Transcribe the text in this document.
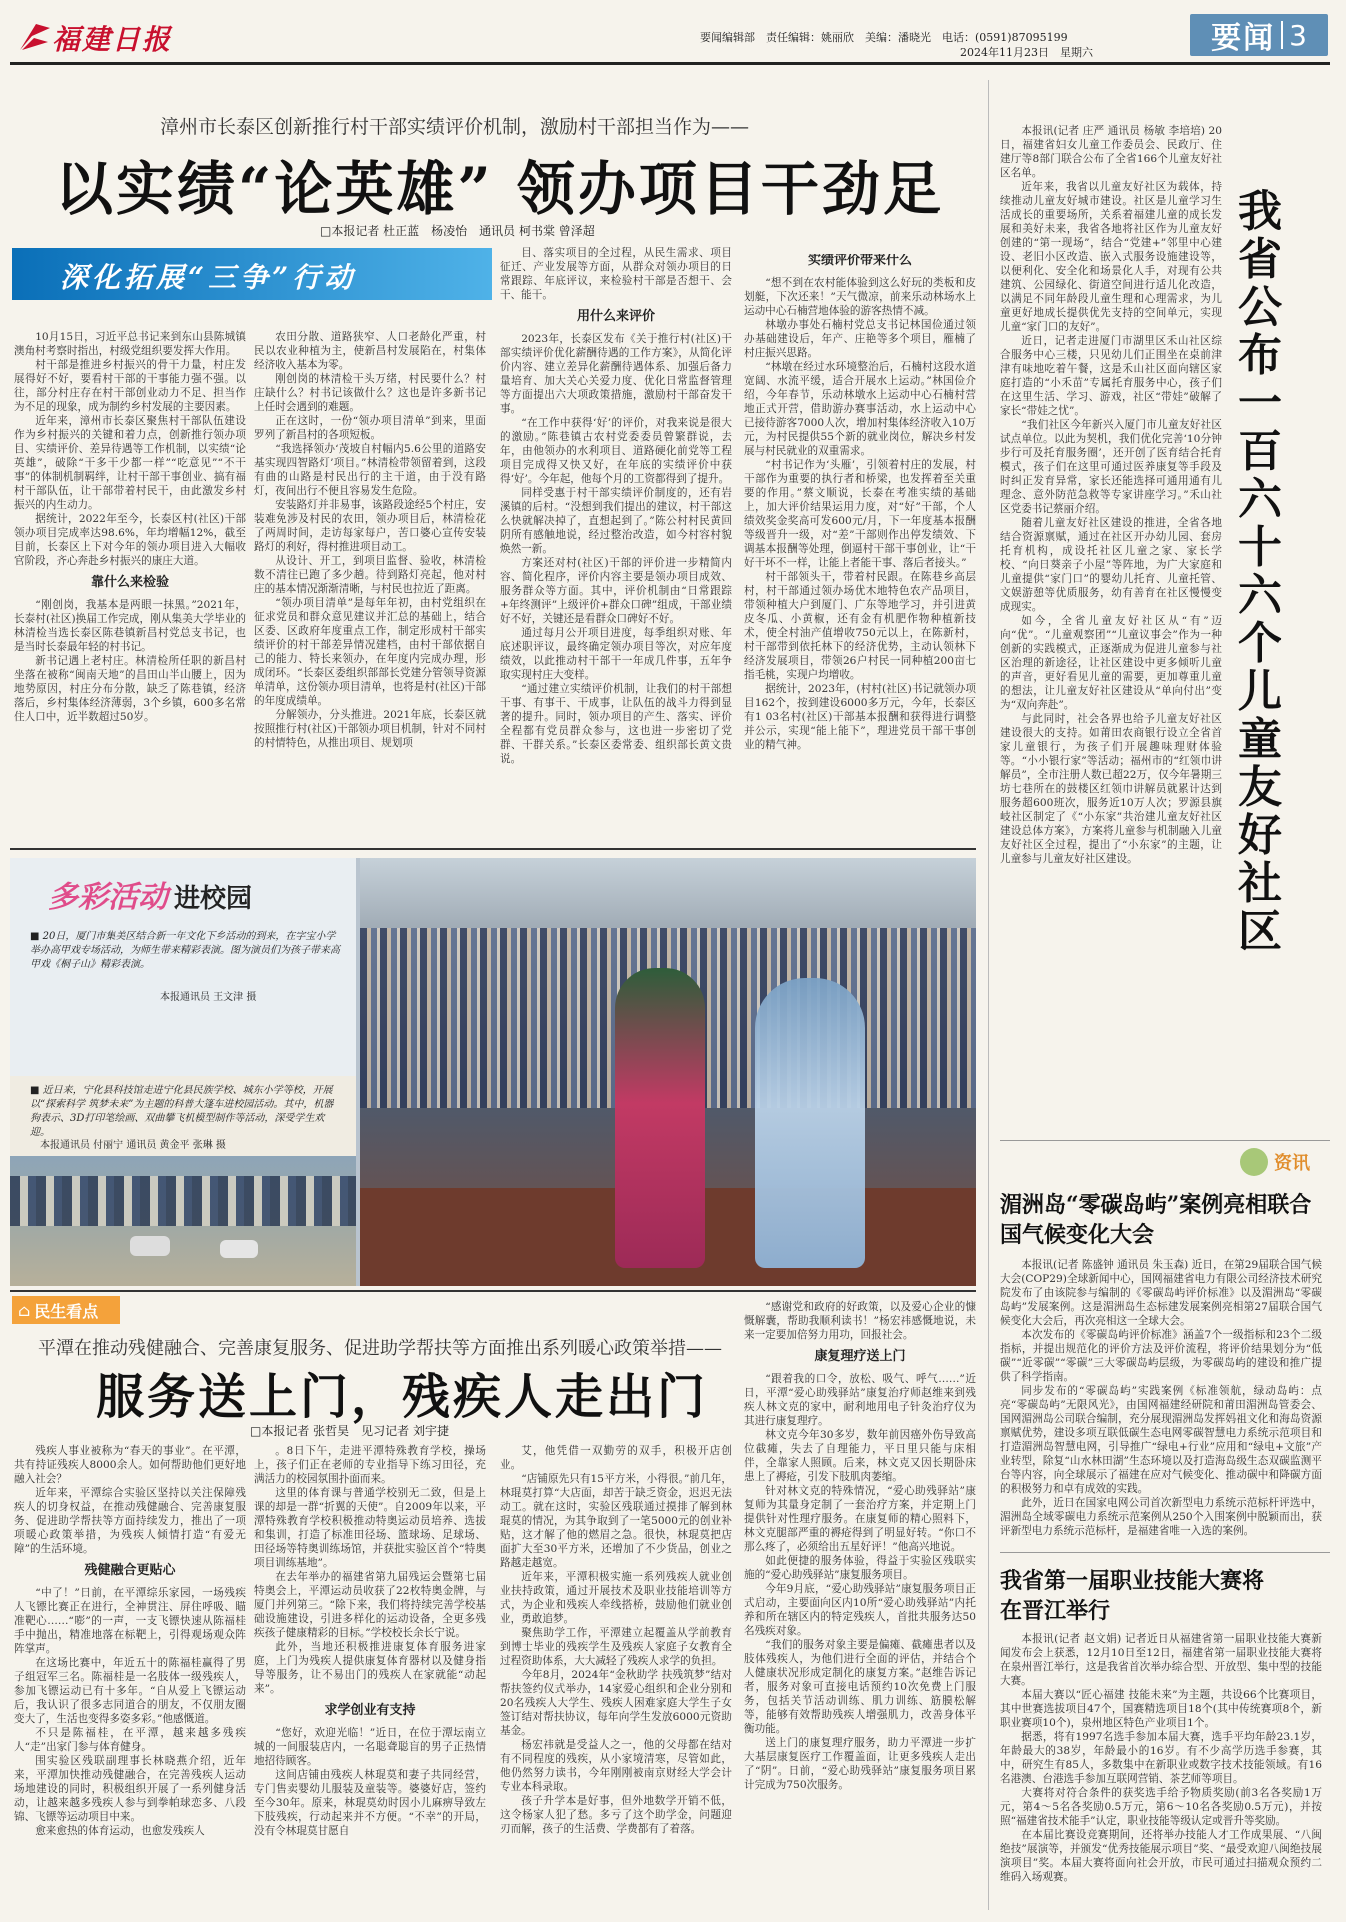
福建日报	要闻编辑部　责任编辑：姚丽欣　美编：潘晓光　电话：(0591)87095199
2024年11月23日　星期六	要闻 3
漳州市长泰区创新推行村干部实绩评价机制，激励村干部担当作为——
以实绩“论英雄” 领办项目干劲足
□本报记者 杜正蓝　杨凌怡　通讯员 柯书棠 曾泽超
深化拓展“三争”行动

10月15日，习近平总书记来到东山县陈城镇澳角村考察时指出，村级党组织要发挥大作用。

村干部是推进乡村振兴的骨干力量，村庄发展得好不好，要看村干部的干事能力强不强。以往，部分村庄存在村干部创业动力不足、担当作为不足的现象，成为制约乡村发展的主要因素。

近年来，漳州市长泰区聚焦村干部队伍建设作为乡村振兴的关键和着力点，创新推行领办项目、实绩评价、差异待遇等工作机制，以实绩“论英雄”，破除“干多干少都一样”“吃意见”“不干事”的体制机制羁绊，让村干部干事创业、搞有福村干部队伍，让干部带着村民干，由此激发乡村振兴的内生动力。

据统计，2022年至今，长泰区村(社区)干部领办项目完成率达98.6%，年均增幅12%，截至目前，长泰区上下对今年的领办项目进入大幅收官阶段，齐心奔赴乡村振兴的康庄大道。

靠什么来检验

“刚创岗，我基本是两眼一抹黑。”2021年，长泰村(社区)换届工作完成，刚从集美大学毕业的林清检当选长泰区陈巷镇新昌村党总支书记，也是当时长泰最年轻的村书记。

新书记遇上老村庄。林清检所任职的新昌村坐落在被称“闽南天地”的昌田山半山腰上，因为地势原因，村庄分布分散，缺乏了陈巷镇，经济落后，乡村集体经济薄弱，3个乡镇，600多名常住人口中，近半数超过50岁。

农田分散、道路狭窄、人口老龄化严重，村民以农业种植为主，使新昌村发展陷在，村集体经济收入基本为零。

刚创岗的林清检干头万绪，村民要什么？村庄缺什么？村书记该做什么？这也是许多新书记上任时会遇到的难题。

正在这时，一份“领办项目清单”到来，里面罗列了新昌村的各项短板。

“我选择领办‘茂坡自村幅内5.6公里的道路安基实现四智路灯’项目。”林清检带领留着到，这段有曲的山路是村民出行的主干道，由于没有路灯，夜间出行不便且容易发生危险。

安装路灯并非易事，该路段途经5个村庄，安装难免涉及村民的农田，领办项目后，林清检花了两周时间，走访每家每户，苦口婆心宣传安装路灯的利好，得村推进项目动工。

从设计、开工，到项目监督、验收，林清检数不清往已跑了多少趟。待到路灯亮起，他对村庄的基本情况渐渐清晰，与村民也拉近了距离。

“领办项目清单”是每年年初，由村党组织在征求党员和群众意见建议并汇总的基础上，结合区委、区政府年度重点工作，制定形成村干部实绩评价的村干部差异情况建档，由村干部依据自己的能力、特长来领办，在年度内完成办理，形成闭环。“长泰区委组织部部长党建分管领导资源单清单，这份领办项目清单，也将是村(社区)干部的年度成绩单。

分解领办，分头推进。2021年底，长泰区就按照推行村(社区)干部领办项目机制，针对不同村的村情特色，从推出项目、规划项

目、落实项目的全过程，从民生需求、项目征迁、产业发展等方面，从群众对领办项目的日常跟踪、年底评议，来检验村干部是否想干、会干、能干。

用什么来评价

2023年，长泰区发布《关于推行村(社区)干部实绩评价优化薪酬待遇的工作方案》，从简化评价内容、建立差异化薪酬待遇体系、加强后备力量培育、加大关心关爱力度、优化日常监督管理等方面提出六大项政策措施，激励村干部奋发干事。

“在工作中获得‘好’的评价，对我来说是很大的激励。”陈巷镇古农村党委委员曾繁群说，去年，由他领办的水利项目、道路硬化前党等工程项目完成得又快又好，在年底的实绩评价中获得‘好’。今年起，他每个月的工资都得到了提升。

同样受惠于村干部实绩评价制度的，还有岩溪镇的后村。“没想到我们提出的建议，村干部这么快就解决掉了，直想起到了。”陈公村村民黄回阴所有感触地说，经过整治改造，如今村容村貌焕然一新。

方案还对村(社区)干部的评价进一步精简内容、简化程序，评价内容主要是领办项目成效、服务群众等方面。其中，评价机制由“日常跟踪+年终测评”上级评价+群众口碑”组成，干部业绩好不好，关键还是看群众口碑好不好。

通过每月公开项目进度，每季组织对账、年底述职评议，最终确定领办项目等次，对应年度绩效，以此推动村干部干一年成几件事，五年争取实现村庄大变样。

“通过建立实绩评价机制，让我们的村干部想干事、有事干、干成事，让队伍的战斗力得到显著的提升。同时，领办项目的产生、落实、评价全程都有党员群众参与，这也进一步密切了党群、干群关系。”长泰区委常委、组织部长黄文贵说。

实绩评价带来什么

“想不到在农村能体验到这么好玩的类板和皮划艇，下次还来！”天气微凉，前来乐动林场水上运动中心石楠营地体验的游客热情不减。

林墩办事处石楠村党总支书记林国俭通过领办基础建设后，年产、庄艳等多个项目，雁楠了村庄振兴思路。

“林墩在经过水环境整治后，石楠村这段水道宽阔、水流平缓，适合开展水上运动。”林国俭介绍，今年春节，乐动林墩水上运动中心石楠村营地正式开营，借助游办赛事活动，水上运动中心已接待游客7000人次，增加村集体经济收入10万元，为村民提供55个新的就业岗位，解决乡村发展与村民就业的双重需求。

“村书记作为‘头雁’，引领着村庄的发展，村干部作为重要的执行者和桥梁，也发挥着至关重要的作用。”蔡文顺说，长泰在考准实绩的基础上，加大评价结果运用力度，对“好”干部，个人绩效奖金奖高可发600元/月，下一年度基本报酬等级晋升一级，对“差”干部则作出停发绩效、下调基本报酬等处理，倒逼村干部干事创业，让“干好干坏不一样，让能上者能干事、落后者接头。”

村干部领头干，带着村民跟。在陈巷乡高层村，村干部通过领办场优木地特色农产品项目，带领种植大户到厦门、广东等地学习，并引进黄皮冬瓜、小黄椒，还有金有机肥作物种植新技术，使全村油产值增收750元以上，在陈新村，村干部带到依托林下的经济优势，主动认领林下经济发展项目，带领26户村民一同种植200亩七指毛桃，实现户均增收。

据统计，2023年，(村村(社区)书记就领办项目162个，按到建设6000多万元，今年，长泰区有1 03名村(社区)干部基本报酬和获得进行调整并公示，实现“能上能下”，理进党员干部干事创业的精气神。

多彩活动 进校园
■ 20日，厦门市集美区结合新一年文化下乡活动的到来，在字宝小学举办高甲戏专场活动，为师生带来精彩表演。图为演员们为孩子带来高甲戏《桐子山》精彩表演。
本报通讯员 王文津 摄
■ 近日来，宁化县科技馆走进宁化县民族学校、城东小学等校，开展以“探索科学 筑梦未来”为主题的科普大篷车进校园活动。其中，机器狗表示、3D打印笔绘画、双曲攀飞机模型制作等活动，深受学生欢迎。
本报通讯员 付丽宁 通讯员 黄金平 张琳 摄
⌂ 民生看点
平潭在推动残健融合、完善康复服务、促进助学帮扶等方面推出系列暖心政策举措——
服务送上门，残疾人走出门
□本报记者 张哲昊　见习记者 刘宇捷

残疾人事业被称为“春天的事业”。在平潭，共有持证残疾人8000余人。如何帮助他们更好地融入社会？

近年来，平潭综合实验区坚持以关注保障残疾人的切身权益，在推动残健融合、完善康复服务、促进助学帮扶等方面持续发力，推出了一项项暖心政策举措，为残疾人倾情打造“有爱无障”的生活环境。

残健融合更贴心

“中了！”日前，在平潭综乐家园，一场残疾人飞镖比赛正在进行，全神贯注、屏住呼吸、瞄准靶心……“嘭”的一声，一支飞镖快速从陈福桂手中抛出，精准地落在标靶上，引得观场观众阵阵掌声。

在这场比赛中，年近五十的陈福桂赢得了男子组冠军三名。陈福桂是一名肢体一级残疾人，参加飞镖运动已有十多年。“自从爱上飞镖运动后，我认识了很多志同道合的朋友，不仅朋友圈变大了，生活也变得多姿多彩。”他感慨道。

不只是陈福桂，在平潭，越来越多残疾人“走”出家门参与体育健身。

围实验区残联副理事长林晓燕介绍，近年来，平潭加快推动残健融合，在完善残疾人运动场地建设的同时，积极组织开展了一系列健身活动，让越来越多残疾人参与到拳帕球恋多、八段锦、飞镖等运动项目中来。

愈来愈热的体育运动，也愈发残疾人

。8日下午，走进平潭特殊教育学校，操场上，孩子们正在老师的专业指导下练习田径，充满活力的校园氛围扑面而来。

这里的体育课与普通学校别无二致，但是上课的却是一群“折翼的天使”。自2009年以来，平潭特殊教育学校积极推动特奥运动员培养、选拔和集训，打造了标准田径场、篮球场、足球场、田径场等特奥训练场馆，并获批实验区首个“特奥项目训练基地”。

在去年举办的福建省第九届残运会暨第七届特奥会上，平潭运动员收获了22枚特奥金牌，与厦门并列第三。“除下来，我们将持续完善学校基础设施建设，引进多样化的运动设备，全更多残疾孩子健康精彩的目标。”学校校长余长宁说。

此外，当地还积极推进康复体育服务进家庭，上门为残疾人提供康复体育器材以及健身指导等服务，让不易出门的残疾人在家就能“动起来”。

求学创业有支持

“您好，欢迎光临！”近日，在位于潭坛南立城的一间服装店内，一名聪聋聪盲的男子正热情地招待顾客。

这间店铺由残疾人林琨莫和妻子共同经营，专门售卖婴幼儿服装及童装等。婆婆好店，签约至今30年。原来，林琨莫幼时因小儿麻痹导致左下肢残疾，行动起来并不方便。“不幸”的开局，没有令林琨莫甘愿自

艾，他凭借一双勤劳的双手，积极开店创业。

“店铺原先只有15平方米，小得很。”前几年，林琨莫打算“大店面，却苦于缺乏资金，迟迟无法动工。就在这时，实验区残联通过摸排了解到林琨莫的情况，为其争取到了一笔5000元的创业补贴，这才解了他的燃眉之急。很快，林琨莫把店面扩大至30平方米，还增加了不少货品，创业之路越走越宽。

近年来，平潭积极实施一系列残疾人就业创业扶持政策，通过开展技术及职业技能培训等方式，为企业和残疾人牵线搭桥，鼓励他们就业创业，勇敢追梦。

聚焦助学工作，平潭建立起覆盖从学前教育到博士毕业的残疾学生及残疾人家庭子女教育全过程资助体系，大大减轻了残疾人求学的负担。

今年8月，2024年“金秋助学 扶残筑梦”结对帮扶签约仪式举办，14家爱心组织和企业分别和20名残疾人大学生、残疾人困难家庭大学生子女签订结对帮扶协议，每年向学生发放6000元资助基金。

杨宏祎就是受益人之一，他的父母都在结对有不同程度的残疾，从小家境清寒，尽管如此，他仍然努力读书，今年刚刚被南京财经大学会计专业本科录取。

孩子升学本是好事，但外地数学开销不低，这令杨家人犯了愁。多亏了这个助学金，问题迎刃而解，孩子的生活费、学费都有了着落。

“感谢党和政府的好政策，以及爱心企业的慷慨解囊，帮助我顺利读书！”杨宏祎感慨地说，未来一定要加倍努力用功，回报社会。

康复理疗送上门

“跟着我的口令，放松、吸气、呼气……”近日，平潭“爱心助残驿站”康复治疗师赵维来到残疾人林文克的家中，耐利地用电子针灸治疗仪为其进行康复理疗。

林文克今年30多岁，数年前因癌外伤导致高位截瘫，失去了自理能力，平日里只能与床相伴，全靠家人照顾。后来，林文克又因长期卧床患上了褥疮，引发下肢肌肉萎缩。

针对林文克的特殊情况，“爱心助残驿站”康复师为其量身定制了一套治疗方案，并定期上门提供针对性理疗服务。在康复师的精心照料下，林文克腿部严重的褥疮得到了明显好转。“你口不那么疼了，必须给出五星好评！”他高兴地说。

如此便捷的服务体验，得益于实验区残联实施的“爱心助残驿站”康复服务项目。

今年9月底，“爱心助残驿站”康复服务项目正式启动，主要面向区内10所“爱心助残驿站”内托养和所在辖区内的特定残疾人，首批共服务达50名残疾对象。

“我们的服务对象主要是偏瘫、截瘫患者以及肢体残疾人，为他们进行全面的评估，并结合个人健康状况形成定制化的康复方案。”赵维告诉记者，服务对象可直接电话预约10次免费上门服务，包括关节活动训练、肌力训练、筋膜松解等，能够有效帮助残疾人增强肌力，改善身体平衡功能。

送上门的康复理疗服务，助力平潭进一步扩大基层康复医疗工作覆盖面，让更多残疾人走出了“阴”。日前，“爱心助残驿站”康复服务项目累计完成为750次服务。

本报讯(记者 庄严 通讯员 杨敏 李培培) 20日，福建省妇女儿童工作委员会、民政厅、住建厅等8部门联合公布了全省166个儿童友好社区名单。

近年来，我省以儿童友好社区为载体，持续推动儿童友好城市建设。社区是儿童学习生活成长的重要场所，关系着福建儿童的成长发展和美好未来，我省各地将社区作为儿童友好创建的“第一现场”，结合“党建+”邻里中心建设、老旧小区改造、嵌入式服务设施建设等，以便利化、安全化和场景化人手，对现有公共建筑、公园绿化、街道空间进行适儿化改造，以满足不同年龄段儿童生理和心理需求，为儿童更好地成长提供优先支持的空间单元，实现儿童“家门口的友好”。

近日，记者走进厦门市湖里区禾山社区综合服务中心三楼，只见幼儿们正围坐在桌前津津有味地吃着午餐，这是禾山社区面向辖区家庭打造的“小禾苗”专属托育服务中心，孩子们在这里生活、学习、游戏，社区“带娃”破解了家长“带娃之忧”。

“我们社区今年新兴入厦门市儿童友好社区试点单位。以此为契机，我们优化完善‘10分钟步行可及托育服务圈’，还开创了医育结合托育模式，孩子们在这里可通过医养康复等手段及时纠正发育异常，家长还能选择可通用通有儿理念、意外防范急救等专家讲座学习。”禾山社区党委书记蔡丽介绍。

随着儿童友好社区建设的推进，全省各地结合资源禀赋，通过在社区开办幼儿园、套房托育机构，成设托社区儿童之家、家长学校、“向日葵亲子小屋”等阵地，为广大家庭和儿童提供“家门口”的婴幼儿托育、儿童托管、文娱游憩等优质服务，幼有善育在社区慢慢变成现实。

如今，全省儿童友好社区从“有”迈向“优”。“儿童观察团”“儿童议事会”作为一种创新的实践模式，正逐渐成为促进儿童参与社区治理的新途径，让社区建设中更多倾听儿童的声音，更好看见儿童的需要，更加尊重儿童的想法，让儿童友好社区建设从“单向付出”变为“双向奔赴”。

与此同时，社会各界也给予儿童友好社区建设很大的支持。如莆田农商银行设立全省首家儿童银行，为孩子们开展趣味理财体验等。“小小银行家”等活动；福州市的“红领巾讲解员”，全市注册人数已超22万，仅今年暑期三坊七巷所在的鼓楼区红领巾讲解员就累计达到服务超600班次，服务近10万人次；罗源县旗岐社区制定了《“小东家”共治建儿童友好社区建设总体方案》，方案将儿童参与机制融入儿童友好社区全过程，提出了“小东家”的主题，让儿童参与儿童友好社区建设。

我省公布一百六十六个儿童友好社区
资讯
湄洲岛“零碳岛屿”案例亮相联合国气候变化大会

本报讯(记者 陈盛钟 通讯员 朱玉森) 近日，在第29届联合国气候大会(COP29)全球新闻中心，国网福建省电力有限公司经济技术研究院发布了由该院参与编制的《零碳岛屿评价标准》以及湄洲岛“零碳岛屿”发展案例。这是湄洲岛生态标建发展案例亮相第27届联合国气候变化大会后，再次亮相这一全球大会。

本次发布的《零碳岛屿评价标准》涵盖7个一级指标和23个二级指标，并提出规范化的评价方法及评价流程，将评价结果划分为“低碳”“近零碳”“零碳”三大零碳岛屿层级，为零碳岛屿的建设和推广提供了科学指南。

同步发布的“零碳岛屿”实践案例《标准领航，绿动岛屿：点亮“零碳岛屿”无限风光》，由国网福建经研院和莆田湄洲岛管委会、国网湄洲岛公司联合编制，充分展现湄洲岛发挥妈祖文化和海岛资源禀赋优势，建设多项互联低碳生态电网零碳智慧电力系统示范项目和打造湄洲岛智慧电网，引导推广“绿电+行业”应用和“绿电+文旅”产业转型，除复“山水林田湖”生态环境以及打造海岛级生态双碳监测平台等内容，向全球展示了福建在应对气候变化、推动碳中和降碳方面的积极努力和卓有成效的实践。

此外，近日在国家电网公司首次新型电力系统示范标杆评选中，湄洲岛全域零碳电力系统示范案例从250个入围案例中脱颖而出，获评新型电力系统示范标杆，是福建省唯一入选的案例。

我省第一届职业技能大赛将在晋江举行

本报讯(记者 赵文娟) 记者近日从福建省第一届职业技能大赛新闻发布会上获悉，12月10日至12日，福建省第一届职业技能大赛将在泉州晋江举行，这是我省首次举办综合型、开放型、集中型的技能大赛。

本届大赛以“匠心福建 技能未来”为主题，共设66个比赛项目，其中世赛选拔项目47个，国赛精选项目18个(其中传统赛项8个，新职业赛项10个)，泉州地区特色产业项目1个。

据悉，将有1997名选手参加本届大赛，选手平均年龄23.1岁，年龄最大的38岁，年龄最小的16岁。有不少高学历选手参赛，其中，研究生有85人，多数集中在新职业或数字技术技能领域。有16名港澳、台港选手参加互联网营销、茶艺师等项目。

大赛将对符合条件的获奖选手给予物质奖励(前3名各奖励1万元，第4～5名各奖励0.5万元，第6～10名各奖励0.5万元)，并按照“福建省技术能手”认定，职业技能等级认定或晋升等奖励。

在本届比赛设竞赛期间，还将举办技能人才工作成果展、“八闽绝技”展演等，并颁发“优秀技能展示项目”奖、“最受欢迎八闽绝技展演项目”奖。本届大赛将面向社会开放，市民可通过扫描观众预约二维码入场观赛。
